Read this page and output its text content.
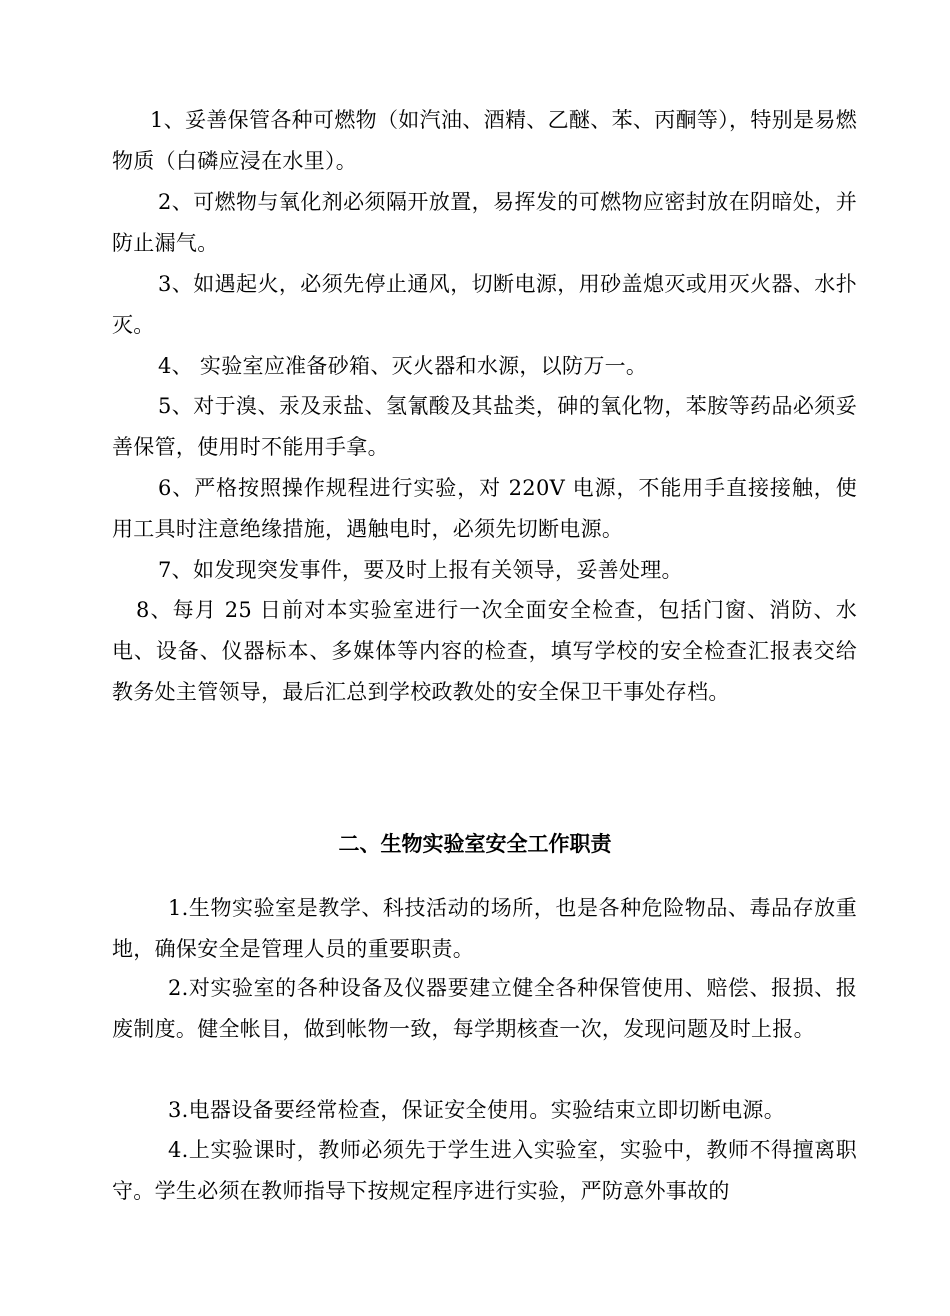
1、妥善保管各种可燃物（如汽油、酒精、乙醚、苯、丙酮等），特别是易燃物质（白磷应浸在水里）。

2、可燃物与氧化剂必须隔开放置，易挥发的可燃物应密封放在阴暗处，并防止漏气。

3、如遇起火，必须先停止通风，切断电源，用砂盖熄灭或用灭火器、水扑灭。

4、 实验室应准备砂箱、灭火器和水源，以防万一。

5、对于溴、汞及汞盐、氢氰酸及其盐类，砷的氧化物，苯胺等药品必须妥善保管，使用时不能用手拿。

6、严格按照操作规程进行实验，对 220V 电源，不能用手直接接触，使用工具时注意绝缘措施，遇触电时，必须先切断电源。

7、如发现突发事件，要及时上报有关领导，妥善处理。

8、每月 25 日前对本实验室进行一次全面安全检查，包括门窗、消防、水电、设备、仪器标本、多媒体等内容的检查，填写学校的安全检查汇报表交给教务处主管领导，最后汇总到学校政教处的安全保卫干事处存档。

二、生物实验室安全工作职责

1.生物实验室是教学、科技活动的场所，也是各种危险物品、毒品存放重地，确保安全是管理人员的重要职责。

2.对实验室的各种设备及仪器要建立健全各种保管使用、赔偿、报损、报废制度。健全帐目，做到帐物一致，每学期核查一次，发现问题及时上报。

3.电器设备要经常检查，保证安全使用。实验结束立即切断电源。

4.上实验课时，教师必须先于学生进入实验室，实验中，教师不得擅离职守。学生必须在教师指导下按规定程序进行实验，严防意外事故的
